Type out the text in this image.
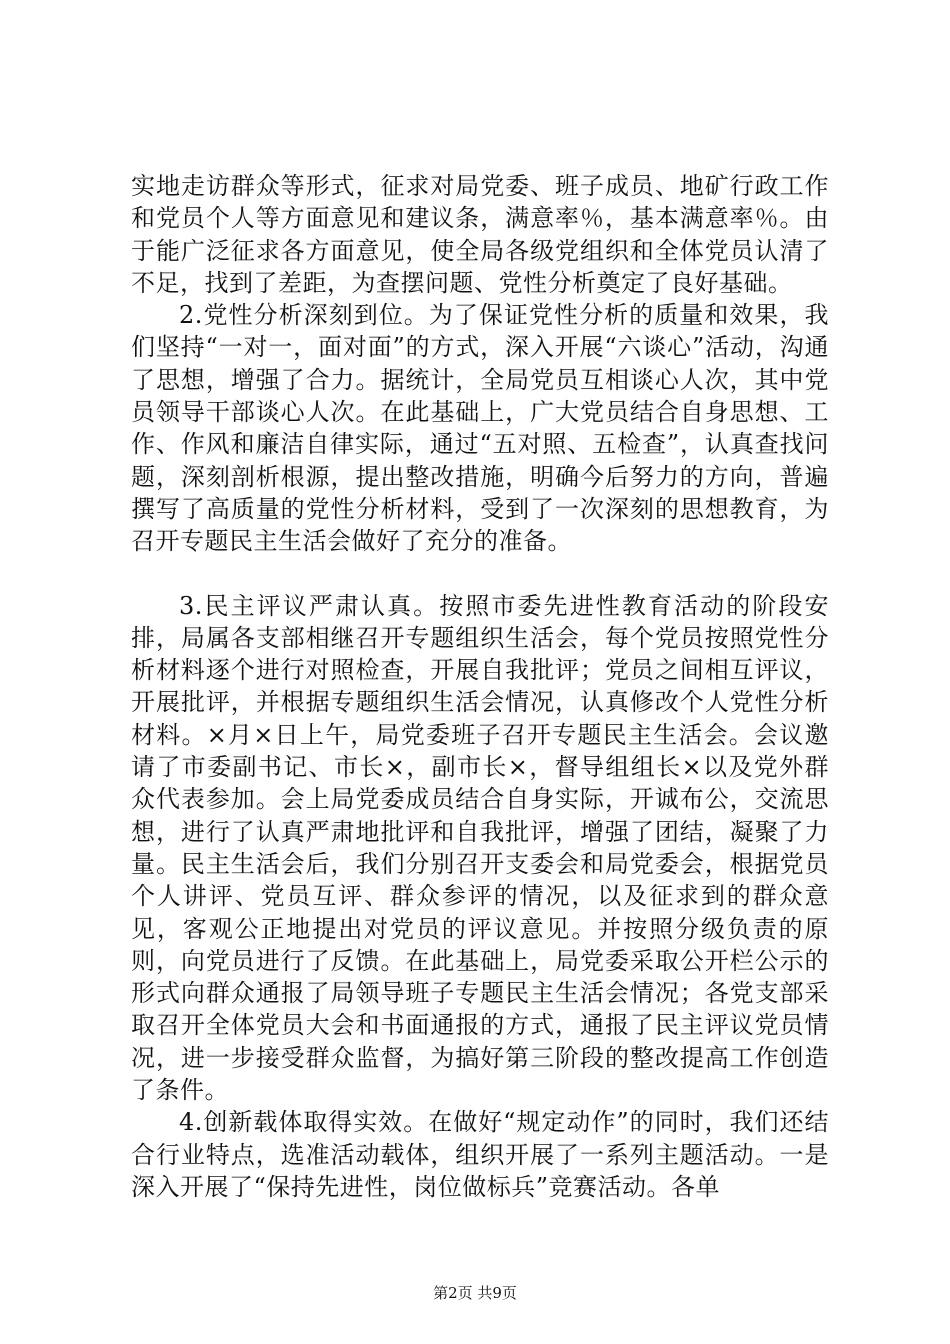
实地走访群众等形式，征求对局党委、班子成员、地矿行政工作和党员个人等方面意见和建议条，满意率％，基本满意率％。由于能广泛征求各方面意见，使全局各级党组织和全体党员认清了不足，找到了差距，为查摆问题、党性分析奠定了良好基础。

2.党性分析深刻到位。为了保证党性分析的质量和效果，我们坚持“一对一，面对面”的方式，深入开展“六谈心”活动，沟通了思想，增强了合力。据统计，全局党员互相谈心人次，其中党员领导干部谈心人次。在此基础上，广大党员结合自身思想、工作、作风和廉洁自律实际，通过“五对照、五检查”，认真查找问题，深刻剖析根源，提出整改措施，明确今后努力的方向，普遍撰写了高质量的党性分析材料，受到了一次深刻的思想教育，为召开专题民主生活会做好了充分的准备。

3.民主评议严肃认真。按照市委先进性教育活动的阶段安排，局属各支部相继召开专题组织生活会，每个党员按照党性分析材料逐个进行对照检查，开展自我批评；党员之间相互评议，开展批评，并根据专题组织生活会情况，认真修改个人党性分析材料。×月×日上午，局党委班子召开专题民主生活会。会议邀请了市委副书记、市长×，副市长×，督导组组长×以及党外群众代表参加。会上局党委成员结合自身实际，开诚布公，交流思想，进行了认真严肃地批评和自我批评，增强了团结，凝聚了力量。民主生活会后，我们分别召开支委会和局党委会，根据党员个人讲评、党员互评、群众参评的情况，以及征求到的群众意见，客观公正地提出对党员的评议意见。并按照分级负责的原则，向党员进行了反馈。在此基础上，局党委采取公开栏公示的形式向群众通报了局领导班子专题民主生活会情况；各党支部采取召开全体党员大会和书面通报的方式，通报了民主评议党员情况，进一步接受群众监督，为搞好第三阶段的整改提高工作创造了条件。

4.创新载体取得实效。在做好“规定动作”的同时，我们还结合行业特点，选准活动载体，组织开展了一系列主题活动。一是深入开展了“保持先进性，岗位做标兵”竞赛活动。各单

第2页 共9页
